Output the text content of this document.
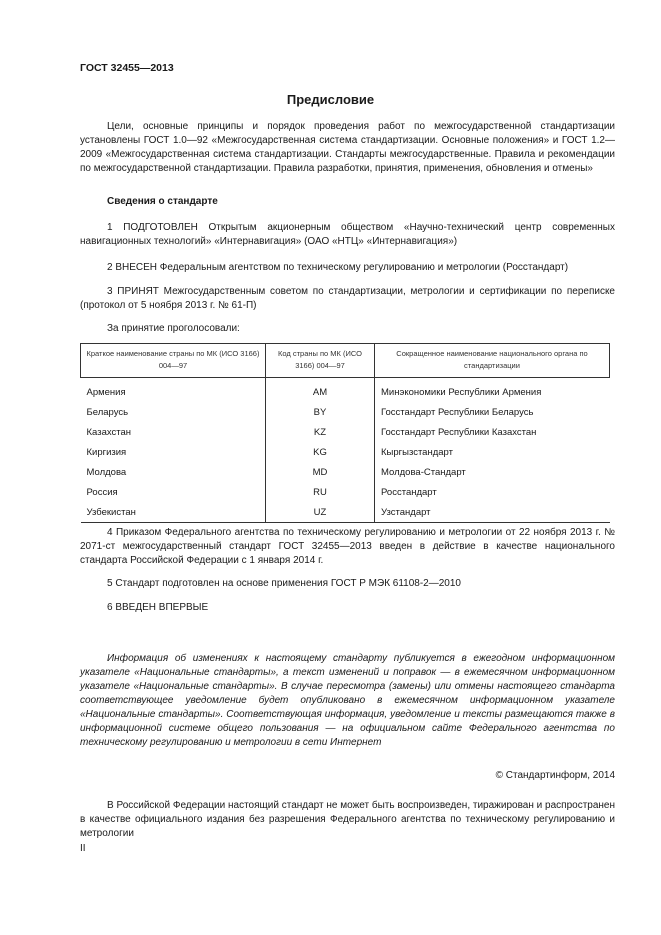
ГОСТ 32455—2013
Предисловие

Цели, основные принципы и порядок проведения работ по межгосударственной стандартизации установлены ГОСТ 1.0—92 «Межгосударственная система стандартизации. Основные положения» и ГОСТ 1.2—2009 «Межгосударственная система стандартизации. Стандарты межгосударственные. Правила и рекомендации по межгосударственной стандартизации. Правила разработки, принятия, применения, обновления и отмены»

Сведения о стандарте

1 ПОДГОТОВЛЕН Открытым акционерным обществом «Научно-технический центр современных навигационных технологий» «Интернавигация» (ОАО «НТЦ» «Интернавигация»)

2 ВНЕСЕН Федеральным агентством по техническому регулированию и метрологии (Росстандарт)

3 ПРИНЯТ Межгосударственным советом по стандартизации, метрологии и сертификации по переписке (протокол от 5 ноября 2013 г. № 61-П)

За принятие проголосовали:

Краткое наименование страны по МК (ИСО 3166) 004—97	Код страны по МК (ИСО 3166) 004—97	Сокращенное наименование национального органа по стандартизации

Армения	AM	Минэкономики Республики Армения
Беларусь	BY	Госстандарт Республики Беларусь
Казахстан	KZ	Госстандарт Республики Казахстан
Киргизия	KG	Кыргызстандарт
Молдова	MD	Молдова-Стандарт
Россия	RU	Росстандарт
Узбекистан	UZ	Узстандарт

4 Приказом Федерального агентства по техническому регулированию и метрологии от 22 ноября 2013 г. № 2071-ст межгосударственный стандарт ГОСТ 32455—2013 введен в действие в качестве национального стандарта Российской Федерации с 1 января 2014 г.

5 Стандарт подготовлен на основе применения ГОСТ Р МЭК 61108-2—2010

6 ВВЕДЕН ВПЕРВЫЕ

Информация об изменениях к настоящему стандарту публикуется в ежегодном информационном указателе «Национальные стандарты», а текст изменений и поправок — в ежемесячном информационном указателе «Национальные стандарты». В случае пересмотра (замены) или отмены настоящего стандарта соответствующее уведомление будет опубликовано в ежемесячном информационном указателе «Национальные стандарты». Соответствующая информация, уведомление и тексты размещаются также в информационной системе общего пользования — на официальном сайте Федерального агентства по техническому регулированию и метрологии в сети Интернет

© Стандартинформ, 2014

В Российской Федерации настоящий стандарт не может быть воспроизведен, тиражирован и распространен в качестве официального издания без разрешения Федерального агентства по техническому регулированию и метрологии

II
